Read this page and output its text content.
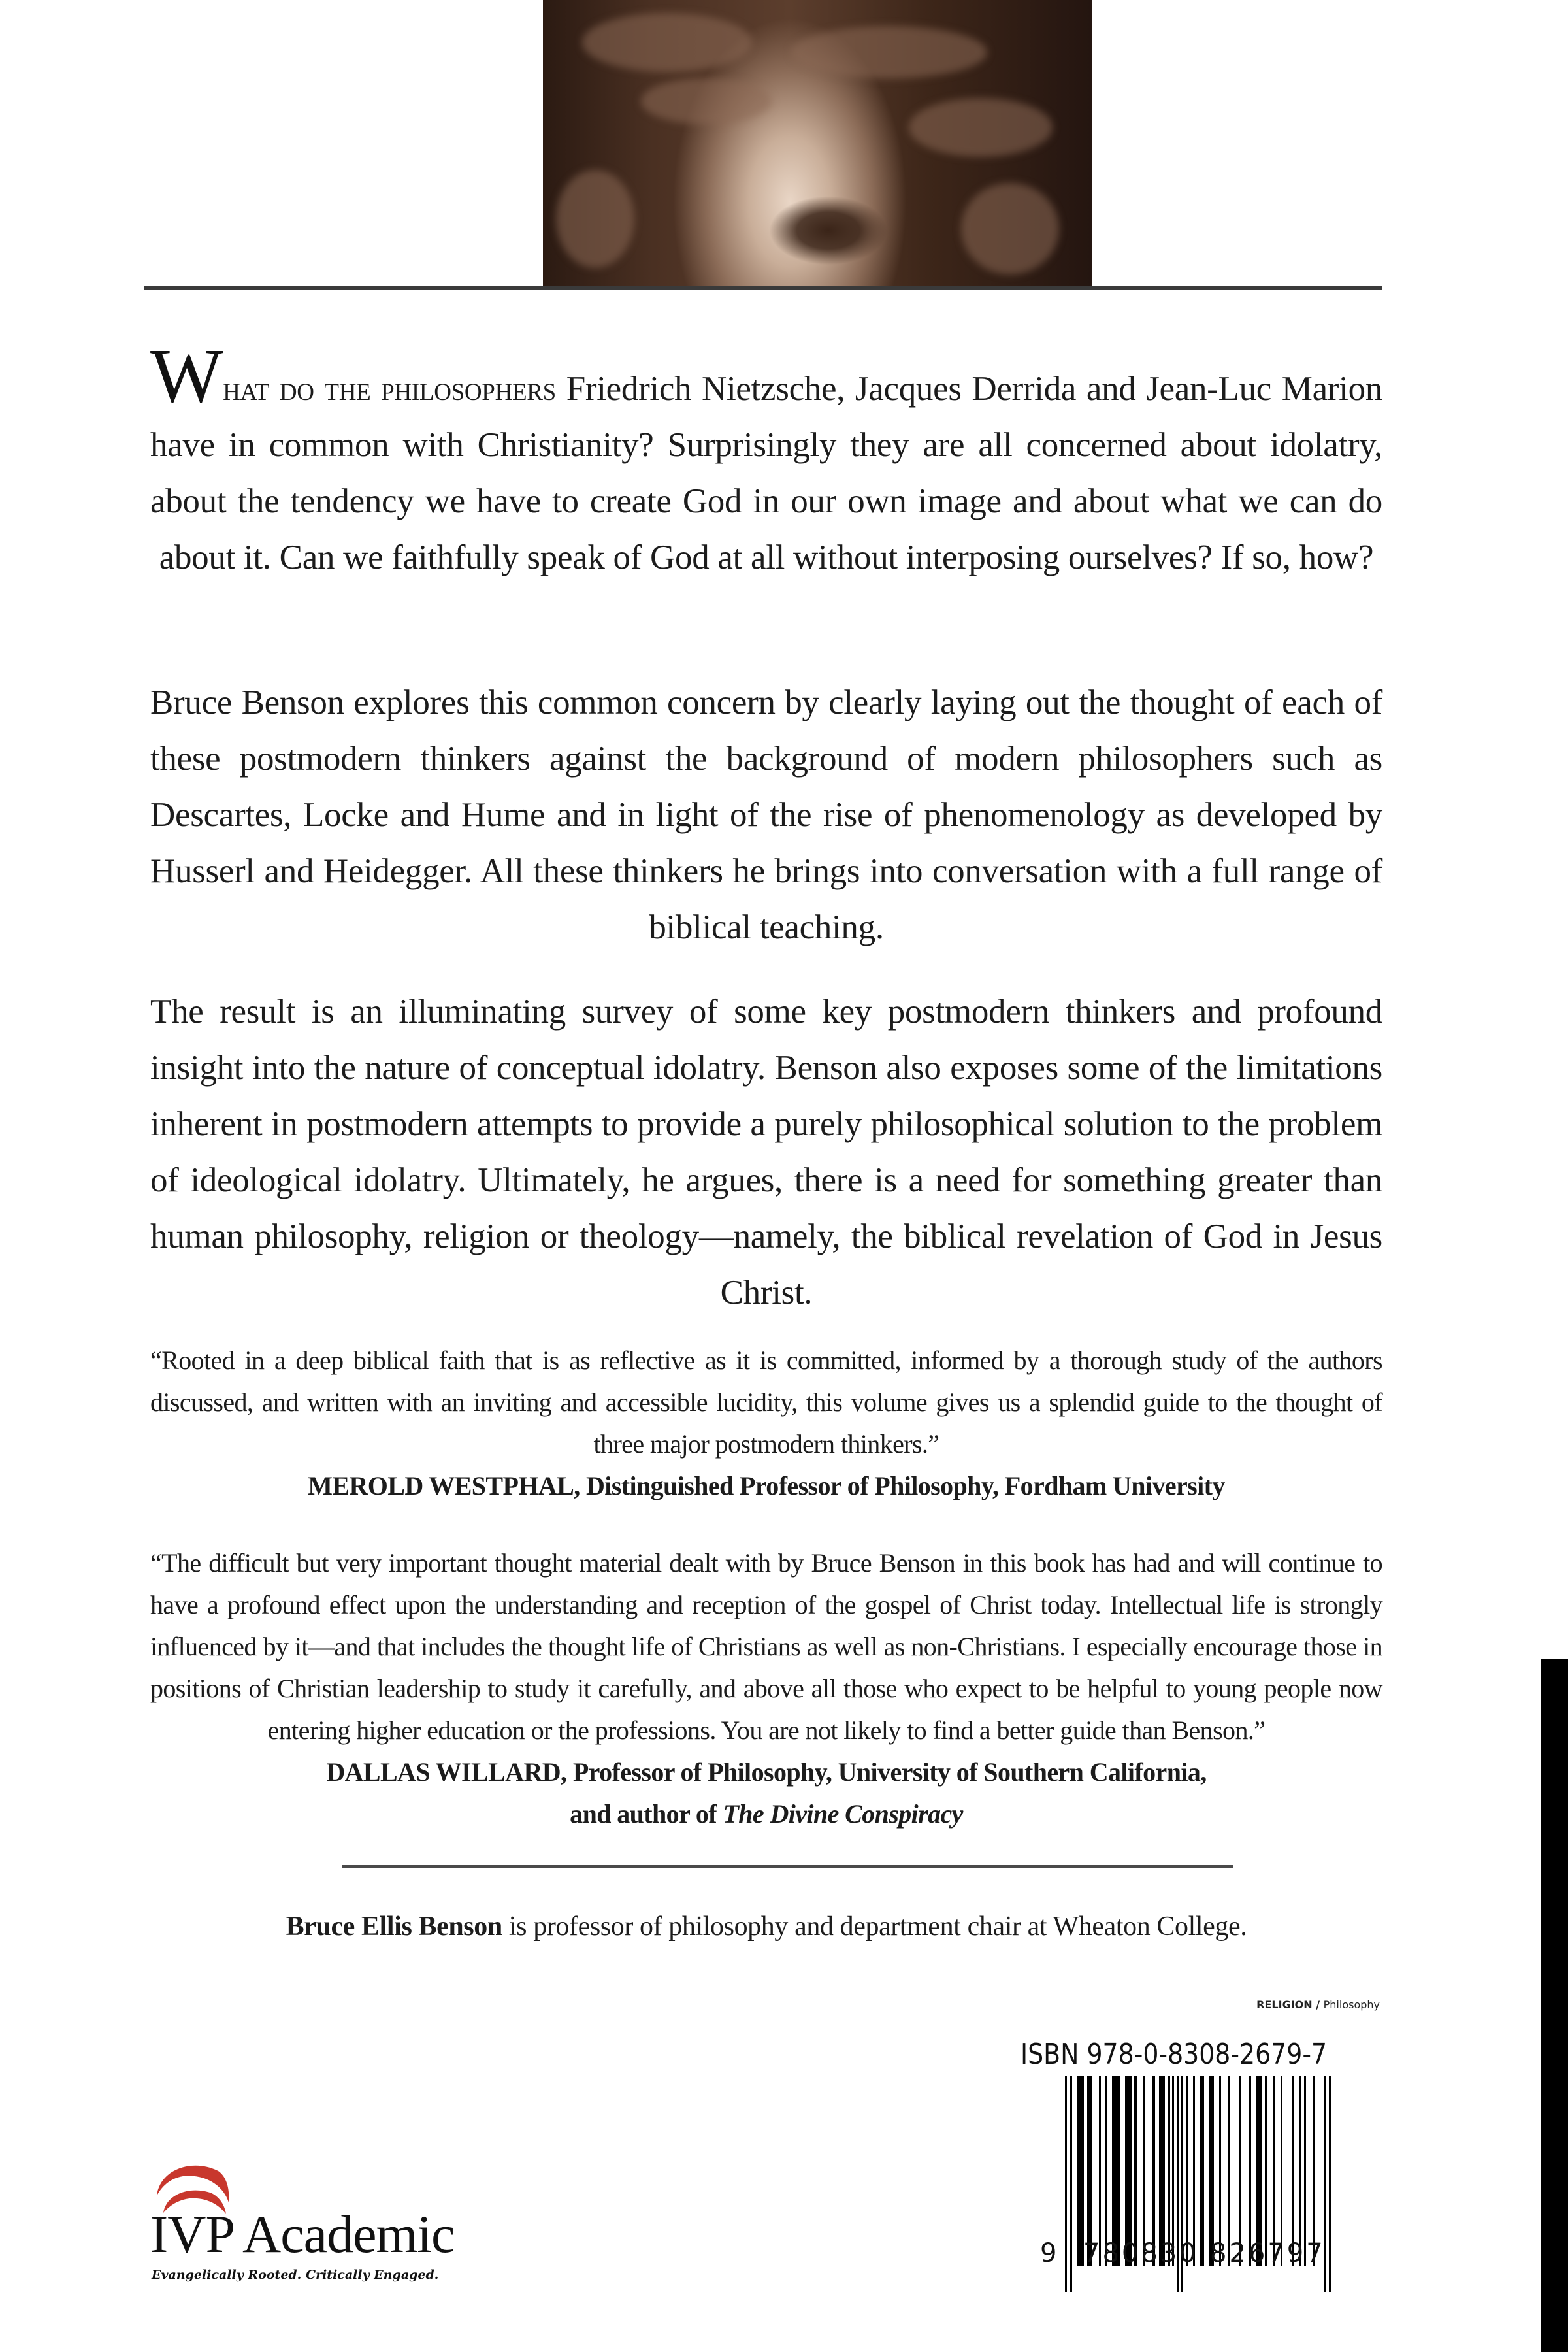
What do the philosophers Friedrich Nietzsche, Jacques Derrida and Jean-Luc Marion have in common with Christianity? Surprisingly they are all concerned about idolatry, about the tendency we have to create God in our own image and about what we can do about it. Can we faithfully speak of God at all without interposing ourselves? If so, how?
Bruce Benson explores this common concern by clearly laying out the thought of each of these postmodern thinkers against the background of modern philosophers such as Descartes, Locke and Hume and in light of the rise of phenomenology as developed by Husserl and Heidegger. All these thinkers he brings into conversation with a full range of biblical teaching.
The result is an illuminating survey of some key postmodern thinkers and profound insight into the nature of conceptual idolatry. Benson also exposes some of the limitations inherent in postmodern attempts to provide a purely philosophical solution to the problem of ideological idolatry. Ultimately, he argues, there is a need for something greater than human philosophy, religion or theology—namely, the biblical revelation of God in Jesus Christ.
“Rooted in a deep biblical faith that is as reflective as it is committed, informed by a thorough study of the authors discussed, and written with an inviting and accessible lucidity, this volume gives us a splendid guide to the thought of three major postmodern thinkers.”
MEROLD WESTPHAL, Distinguished Professor of Philosophy, Fordham University
“The difficult but very important thought material dealt with by Bruce Benson in this book has had and will continue to have a profound effect upon the understanding and reception of the gospel of Christ today. Intellectual life is strongly influenced by it—and that includes the thought life of Christians as well as non-Christians. I especially encourage those in positions of Christian leadership to study it carefully, and above all those who expect to be helpful to young people now entering higher education or the professions. You are not likely to find a better guide than Benson.”
DALLAS WILLARD, Professor of Philosophy, University of Southern California,
and author of The Divine Conspiracy
Bruce Ellis Benson is professor of philosophy and department chair at Wheaton College.
RELIGION / Philosophy
ISBN 978-0-8308-2679-7
9 780830 826797
IVP Academic
Evangelically Rooted. Critically Engaged.
